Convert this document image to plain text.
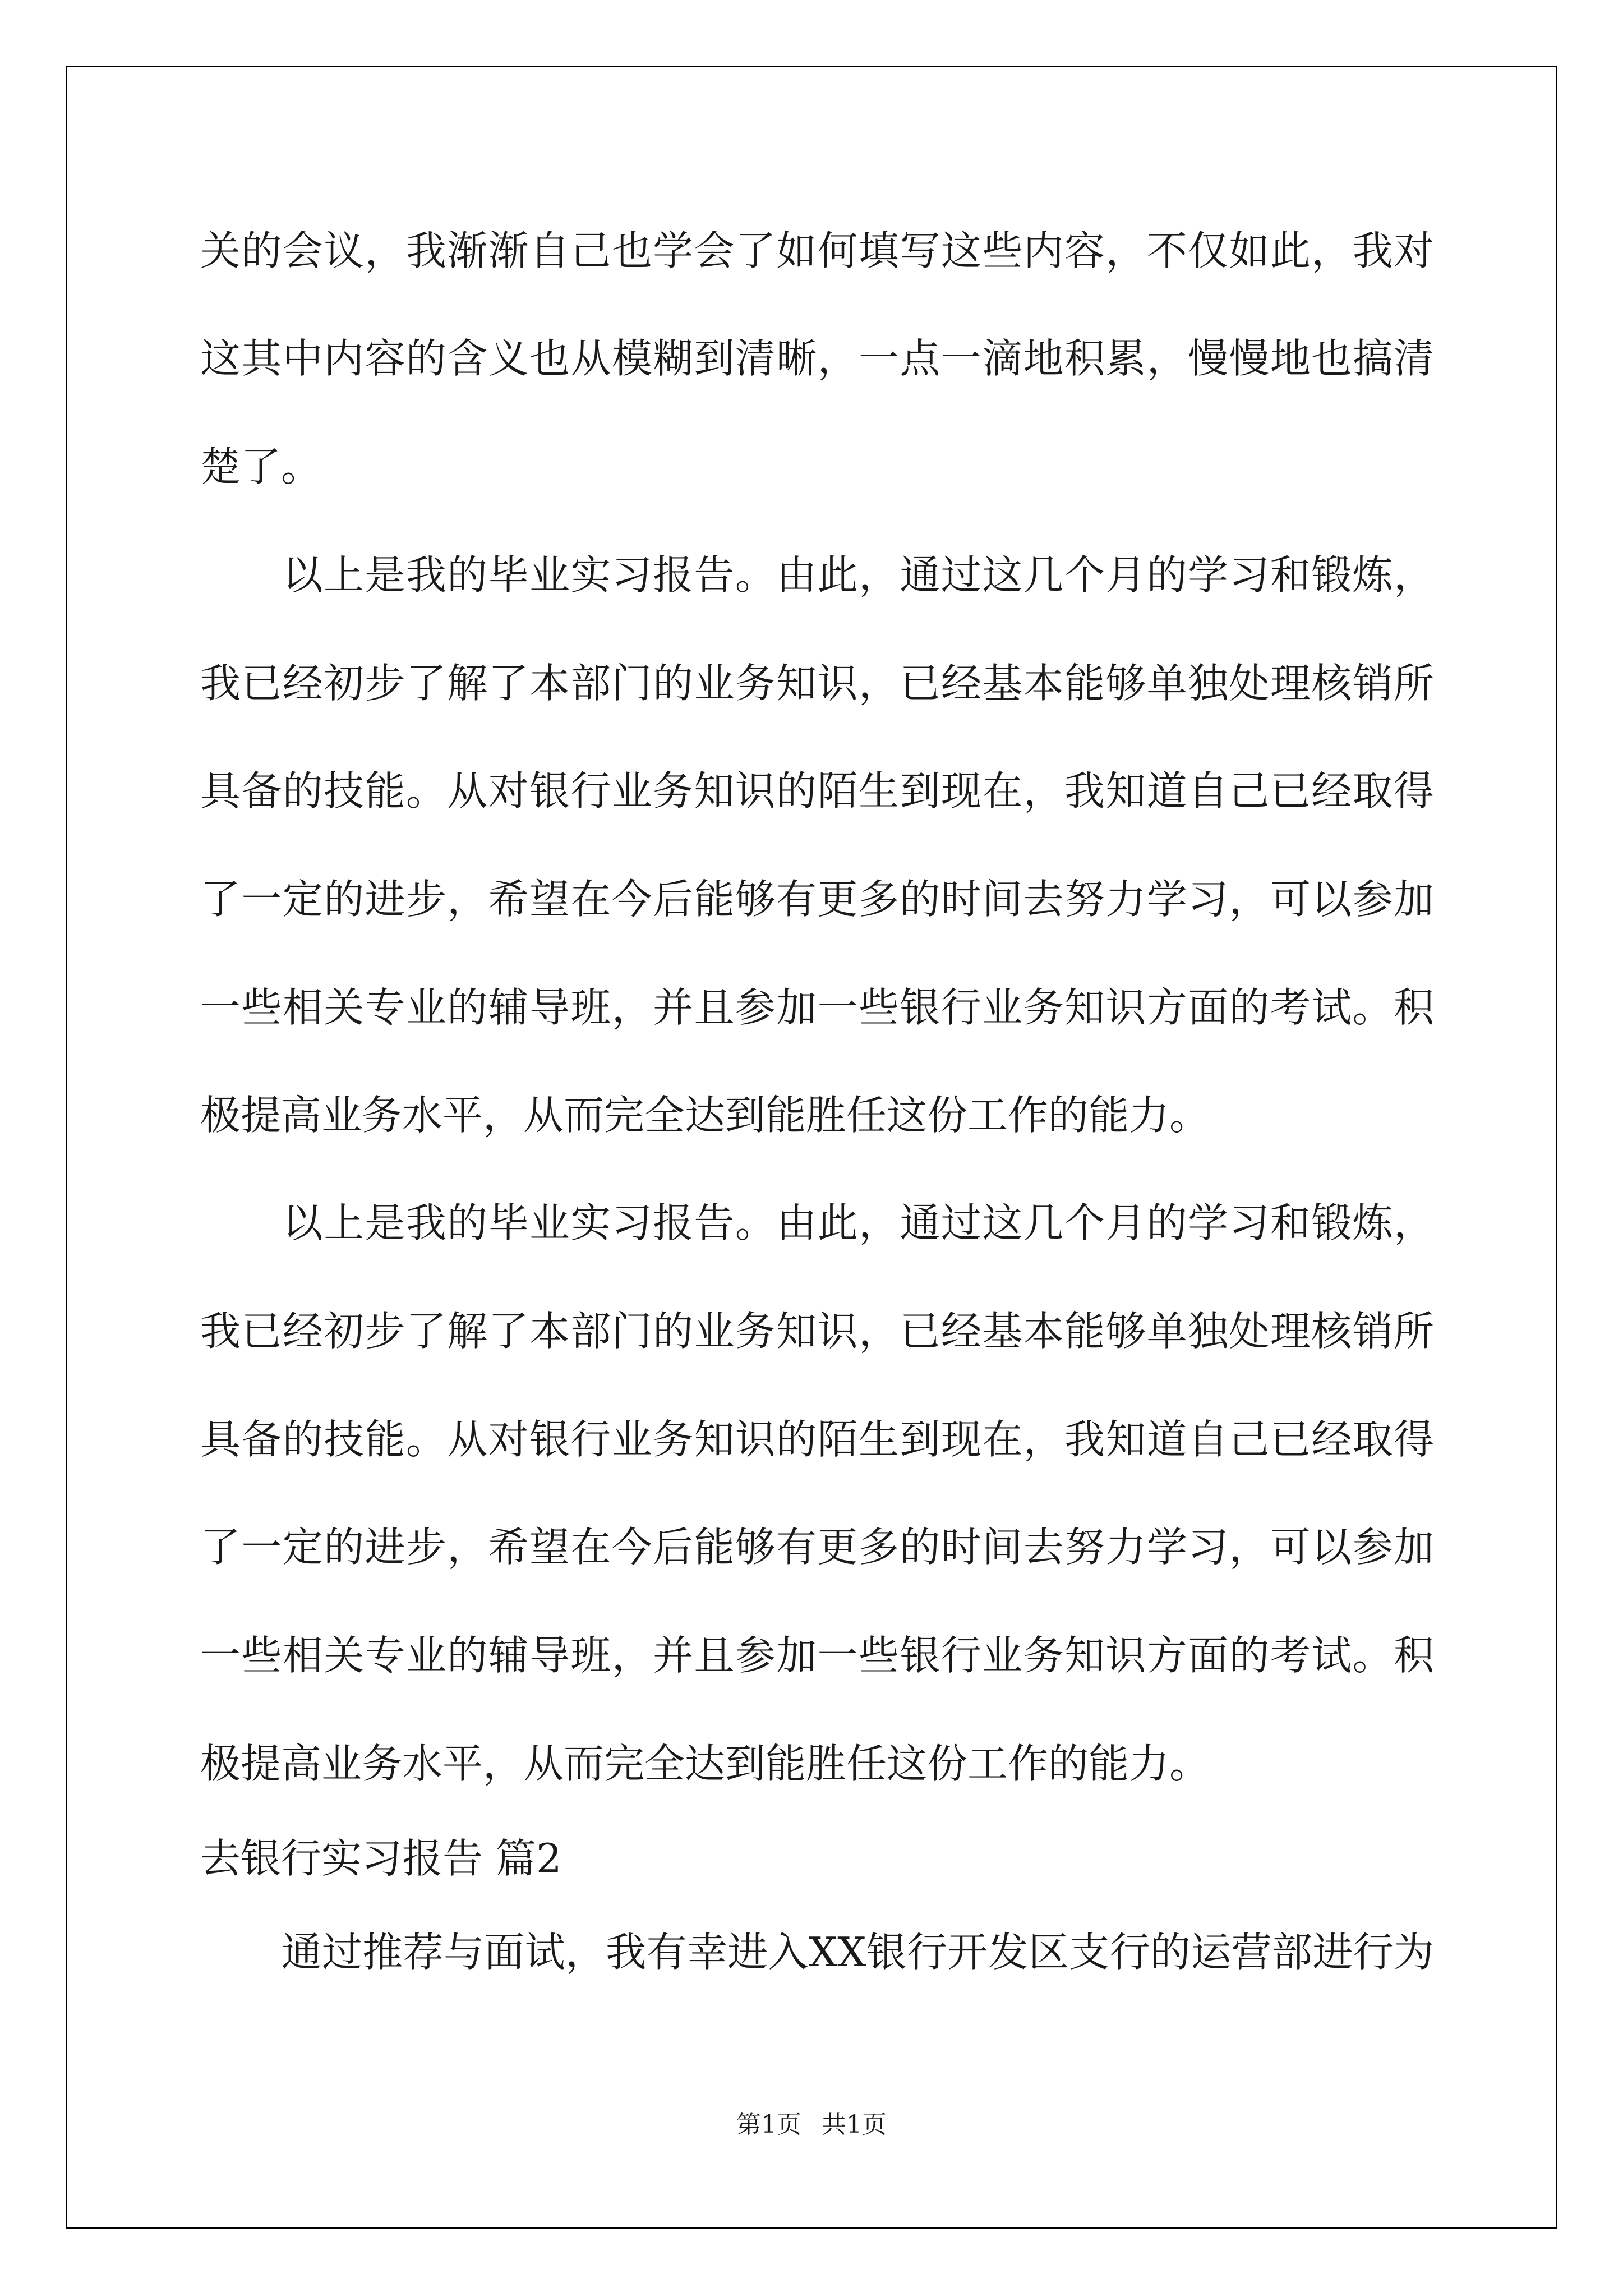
关的会议，我渐渐自己也学会了如何填写这些内容，不仅如此，我对
这其中内容的含义也从模糊到清晰，一点一滴地积累，慢慢地也搞清
楚了。
　　以上是我的毕业实习报告。由此，通过这几个月的学习和锻炼，
我已经初步了解了本部门的业务知识，已经基本能够单独处理核销所
具备的技能。从对银行业务知识的陌生到现在，我知道自己已经取得
了一定的进步，希望在今后能够有更多的时间去努力学习，可以参加
一些相关专业的辅导班，并且参加一些银行业务知识方面的考试。积
极提高业务水平，从而完全达到能胜任这份工作的能力。
　　以上是我的毕业实习报告。由此，通过这几个月的学习和锻炼，
我已经初步了解了本部门的业务知识，已经基本能够单独处理核销所
具备的技能。从对银行业务知识的陌生到现在，我知道自己已经取得
了一定的进步，希望在今后能够有更多的时间去努力学习，可以参加
一些相关专业的辅导班，并且参加一些银行业务知识方面的考试。积
极提高业务水平，从而完全达到能胜任这份工作的能力。
去银行实习报告 篇2
　　通过推荐与面试，我有幸进入XX银行开发区支行的运营部进行为
第1页 共1页
